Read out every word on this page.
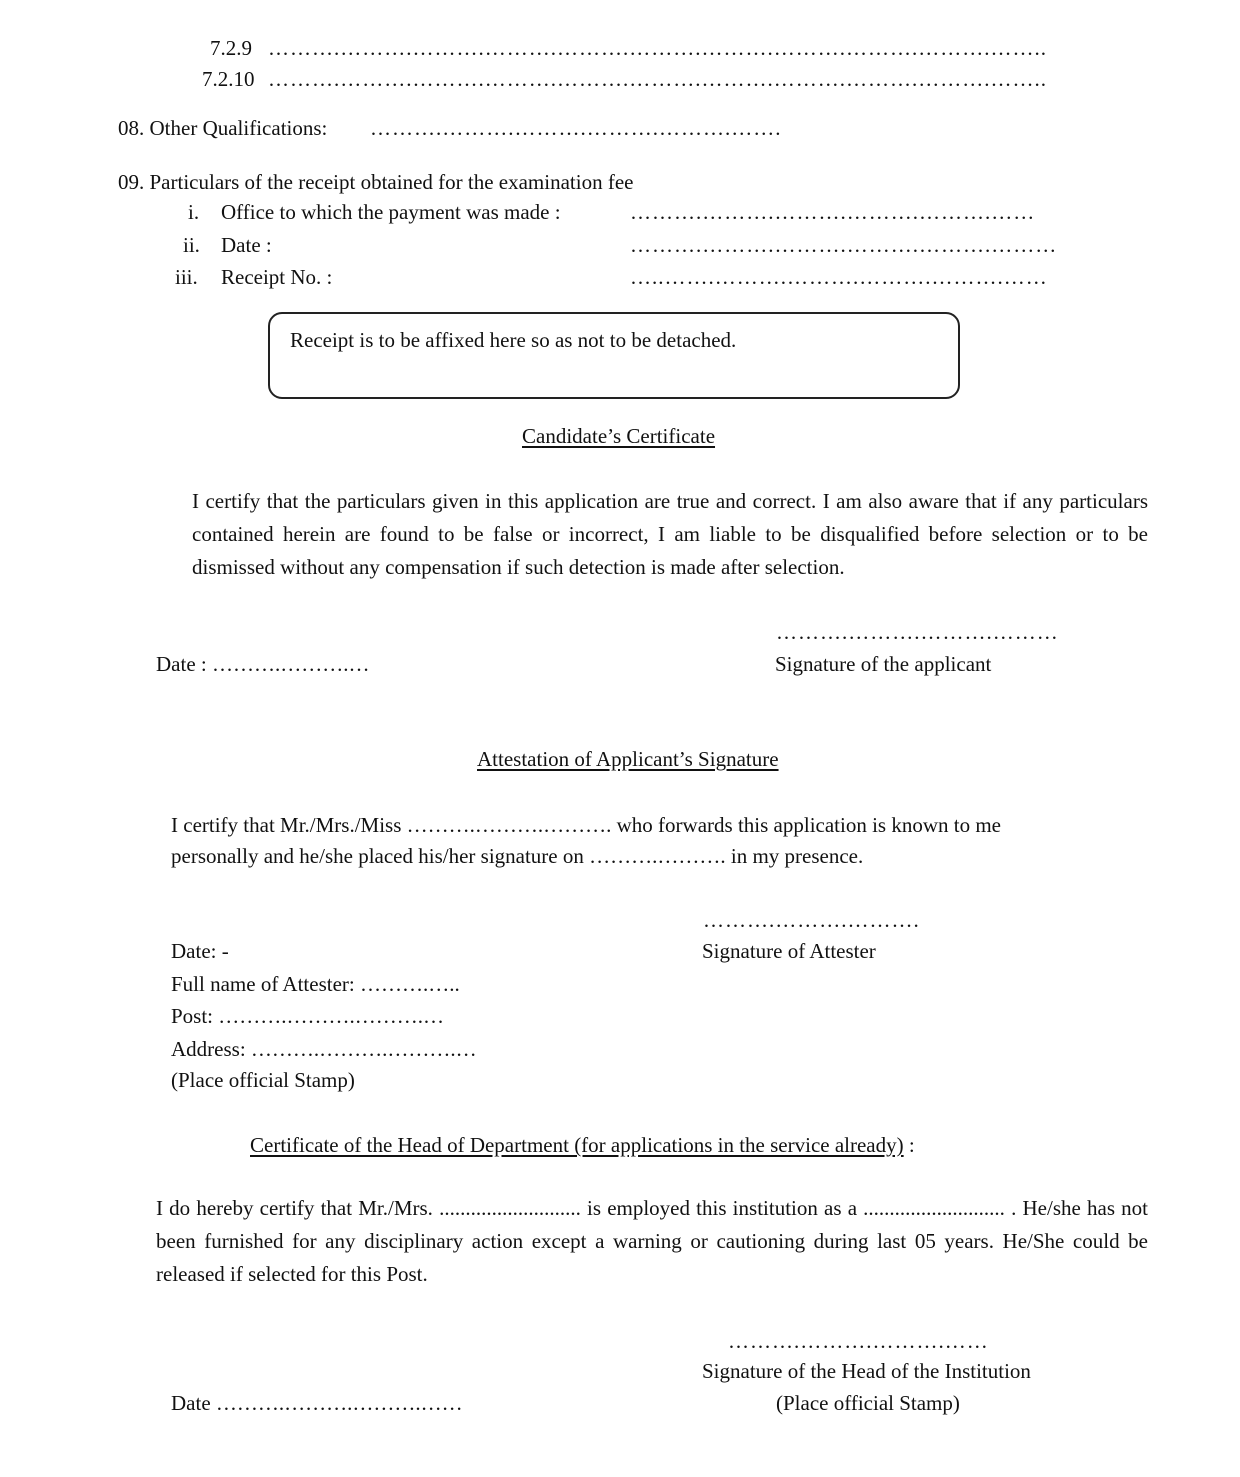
7.2.9 ……….……….……….……….……….……….……….……….……….……….……..
7.2.10 ……….……….……….……….……….……….……….……….……….……….……..
08. Other Qualifications: ……….……….……….……….……….…….
09. Particulars of the receipt obtained for the examination fee
i. Office to which the payment was made :	……….……….……….……….……….……
ii. Date :	……….……….……….……….……….………
iii. Receipt No. :	…..…….……….……….……….……….……
Receipt is to be affixed here so as not to be detached.
Candidate’s Certificate
I certify that the particulars given in this application are true and correct. I am also aware that if any particulars contained herein are found to be false or incorrect, I am liable to be disqualified before selection or to be dismissed without any compensation if such detection is made after selection.
……….……….……….………
Date : ……….……….…	Signature of the applicant
Attestation of Applicant’s Signature
I certify that Mr./Mrs./Miss ……….……….………. who forwards this application is known to me
personally and he/she placed his/her signature on ……….………. in my presence.
……….……….……….
Date: -	Signature of Attester
Full name of Attester: ……….…..
Post: ……….……….……….…
Address: ……….……….……….…
(Place official Stamp)
Certificate of the Head of Department (for applications in the service already) :
I do hereby certify that Mr./Mrs. ........................... is employed this institution as a ........................... . He/she has not been furnished for any disciplinary action except a warning or cautioning during last 05 years. He/She could be released if selected for this Post.
……….……….……….……
Signature of the Head of the Institution
Date ……….……….……….……	(Place official Stamp)
